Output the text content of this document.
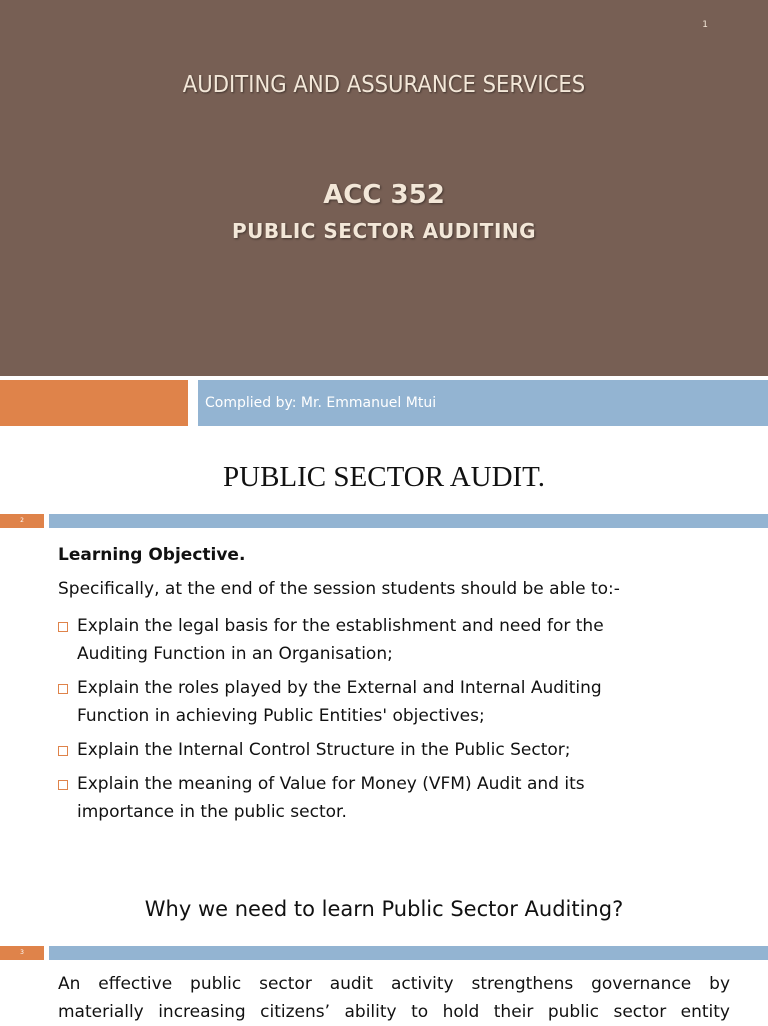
1
AUDITING AND ASSURANCE SERVICES
ACC 352
PUBLIC SECTOR AUDITING
Complied by: Mr. Emmanuel Mtui
PUBLIC SECTOR AUDIT.
2
Learning Objective.
Specifically, at the end of the session students should be able to:-
Explain the legal basis for the establishment and need for the
Auditing Function in an Organisation;
Explain the roles played by the External and Internal Auditing
Function in achieving Public Entities' objectives;
Explain the Internal Control Structure in the Public Sector;
Explain the meaning of Value for Money (VFM) Audit and its
importance in the public sector.
Why we need to learn Public Sector Auditing?
3
An effective public sector audit activity strengthens governance by
materially increasing citizens’ ability to hold their public sector entity
